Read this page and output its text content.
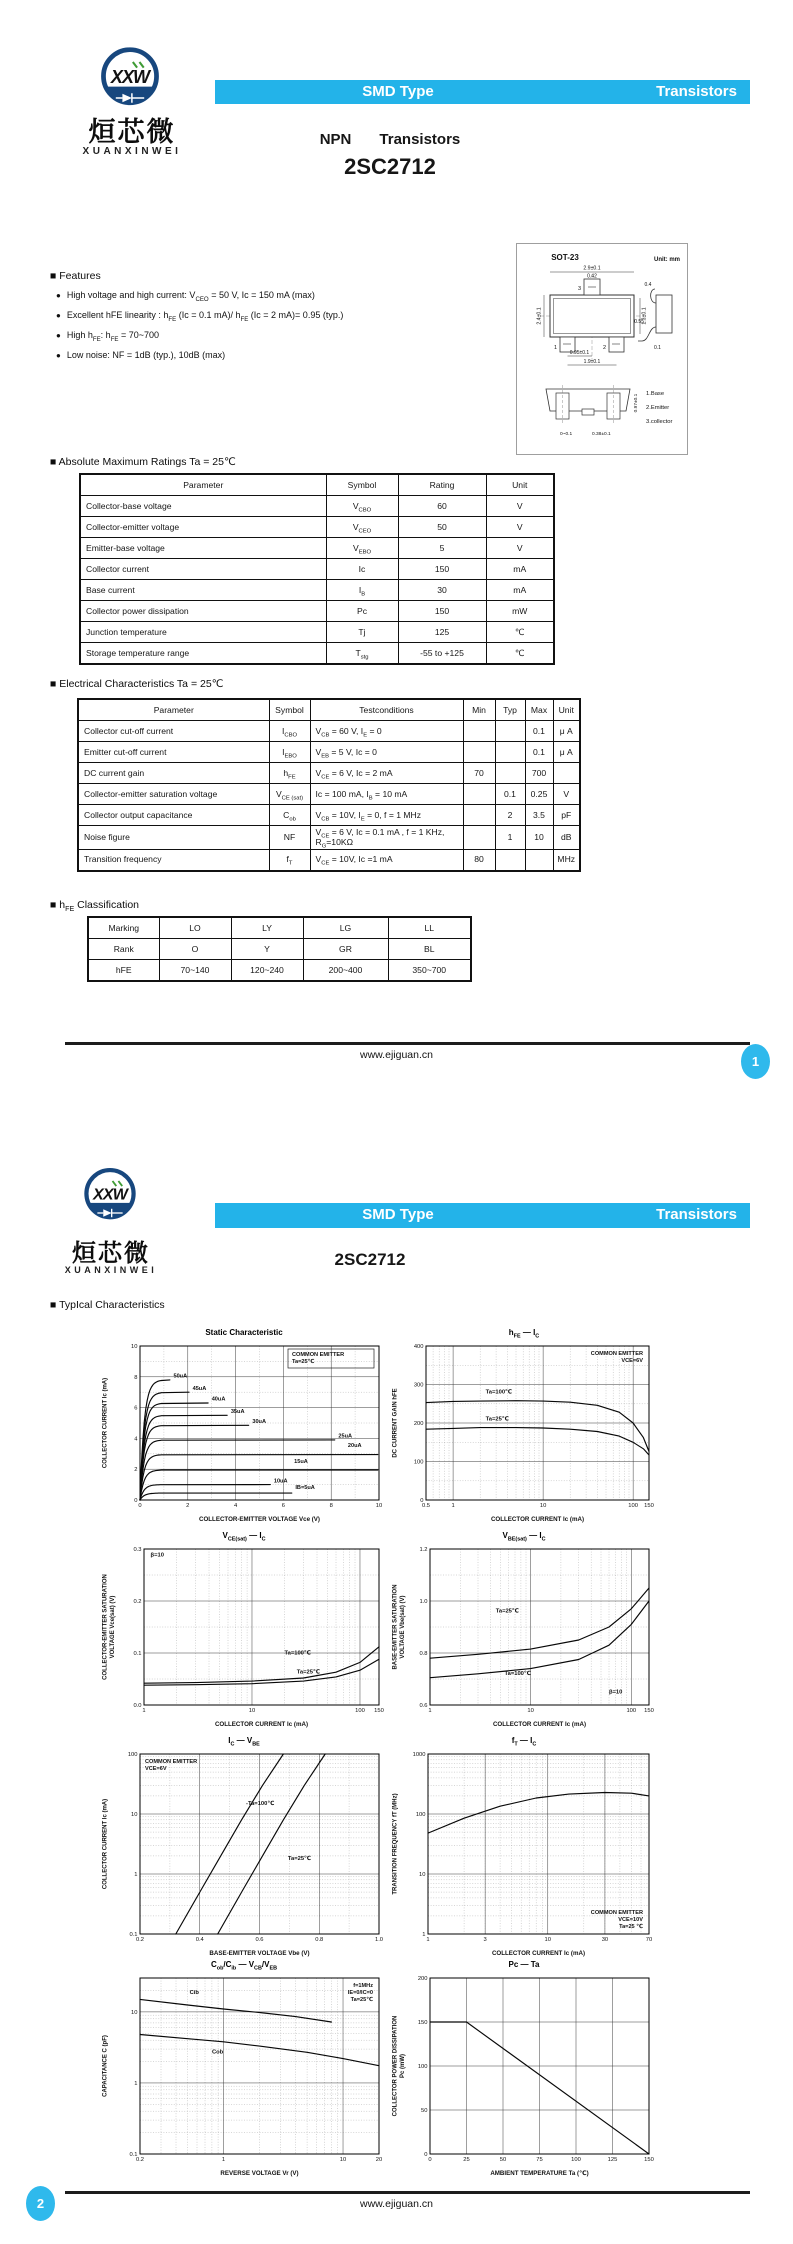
XXW
烜芯微
XUANXINWEI
SMD Type	Transistors
NPN Transistors
2SC2712
■ Features
● High voltage and high current: $V_{CEO} = 50$ V, Ic = 150 mA (max)
● Excellent hFE linearity : $h_{FE}$ (Ic = 0.1 mA)/ $h_{FE}$ (Ic = 2 mA)= 0.95 (typ.)
● High $h_{FE}$: $h_{FE}$ = 70~700
● Low noise: NF = 1dB (typ.), 10dB (max)
SOT-23	Unit: mm
3
1	2
2.9±0.1
0.42
2.4±0.1	1.3±0.1
0.95±0.1
1.9±0.1
0.4
0.55
0.1
0.97±0.1
0~0.1	0.38±0.1
1.Base
2.Emitter
3.collector
■ Absolute Maximum Ratings Ta = 25℃
Parameter	Symbol	Rating	Unit
Collector-base voltage	$V_{CBO}$	60	V
Collector-emitter voltage	$V_{CEO}$	50	V
Emitter-base voltage	$V_{EBO}$	5	V
Collector current	Ic	150	mA
Base current	$I_B$	30	mA
Collector power dissipation	Pc	150	mW
Junction temperature	Tj	125	℃
Storage temperature range	$T_{stg}$	-55 to +125	℃
■ Electrical Characteristics Ta = 25℃
Parameter	Symbol	Testconditions	Min	Typ	Max	Unit
Collector cut-off current	$I_{CBO}$	$V_{CB} = 60$ V, $I_E = 0$			0.1	μ A
Emitter cut-off current	$I_{EBO}$	$V_{EB} = 5$ V, Ic = 0			0.1	μ A
DC current gain	$h_{FE}$	$V_{CE} = 6$ V, Ic = 2 mA	70		700	
Collector-emitter saturation voltage	$V_{CE (sat)}$	Ic = 100 mA, $I_B = 10$ mA		0.1	0.25	V
Collector output capacitance	$C_{ob}$	$V_{CB} = 10V$, $I_E = 0$, f = 1 MHz		2	3.5	pF
Noise figure	NF	$V_{CE} = 6$ V, Ic = 0.1 mA , f = 1 KHz, $R_G=10K\Omega$		1	10	dB
Transition frequency	$f_T$	$V_{CE} = 10V$, Ic =1 mA	80			MHz
■ $h_{FE}$ Classification
Marking	LO	LY	LG	LL
Rank	O	Y	GR	BL
hFE	70~140	120~240	200~400	350~700
www.ejiguan.cn	1
XXW
烜芯微
XUANXINWEI
SMD Type	Transistors
2SC2712
■ TypIcal Characteristics
www.ejiguan.cn
2
Static Characteristic
0	2	4	6	8	10
0
2
4
6
8
10
50uA
45uA
40uA
35uA
30uA
25uA
20uA
15uA
10uA
IB=5uA
COMMON EMITTER
Ta=25℃
COLLECTOR-EMITTER VOLTAGE Vce (V)
COLLECTOR CURRENT Ic (mA)
$h_{FE}$ — $I_C$
0.5	1	10	100 150
0
100
200
300
400
Ta=100℃
Ta=25℃
COMMON EMITTER
VCE=6V
COLLECTOR CURRENT Ic (mA)
DC CURRENT GAIN hFE
$V_{CE(sat)}$ — $I_C$
1	10	100 150
0.0
0.1
0.2
0.3
β=10
Ta=100℃
Ta=25℃
COLLECTOR CURRENT Ic (mA)
COLLECTOR-EMITTER SATURATION VOLTAGE Vce(sat) (V)
$V_{BE(sat)}$ — $I_C$
1	10	100 150
0.6
0.8
1.0
1.2
Ta=25℃
Ta=100℃
β=10
COLLECTOR CURRENT Ic (mA)
BASE-EMITTER SATURATION VOLTAGE Vbe(sat) (V)
$I_C$ — $V_{BE}$
0.2	0.4	0.6	0.8	1.0
0.1
1
10
100
-Ta=100℃
Ta=25℃
COMMON EMITTER
VCE=6V
BASE-EMITTER VOLTAGE Vbe (V)
COLLECTOR CURRENT Ic (mA)
$f_T$ — $I_C$
1	3	10	30	70
1
10
100
1000
COMMON EMITTER
VCE=10V
Ta=25 ℃
COLLECTOR CURRENT Ic (mA)
TRANSITION FREQUENCY fT (MHz)
$C_{ob}/C_{ib}$ — $V_{CB}/V_{EB}$
0.2	1	10	20
0.1
1
10
Cib
Cob
f=1MHz
IE=0/IC=0
Ta=25℃
REVERSE VOLTAGE Vr (V)
CAPACITANCE C (pF)
Pc — Ta
0	25	50	75	100	125	150
0
50
100
150
200
AMBIENT TEMPERATURE Ta (℃)
COLLECTOR POWER DISSIPATION Pc (mW)
